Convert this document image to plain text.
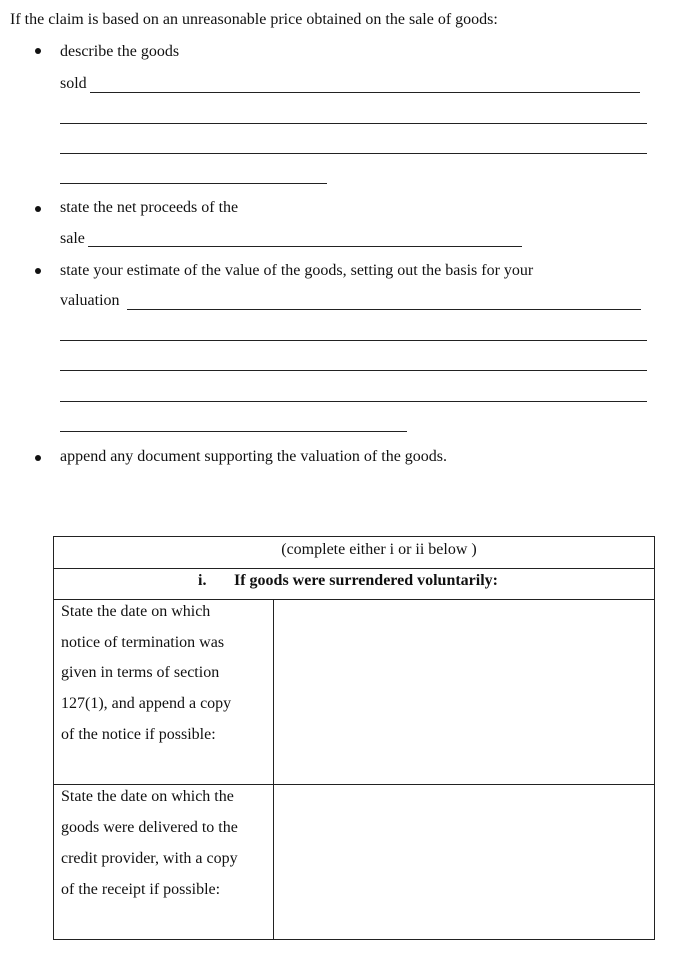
If the claim is based on an unreasonable price obtained on the sale of goods:
describe the goods
sold
state the net proceeds of the
sale
state your estimate of the value of the goods, setting out the basis for your
valuation
append any document supporting the valuation of the goods.
(complete either i or ii below )
i. If goods were surrendered voluntarily:
State the date on which
notice of termination was
given in terms of section
127(1), and append a copy
of the notice if possible:
State the date on which the
goods were delivered to the
credit provider, with a copy
of the receipt if possible:
